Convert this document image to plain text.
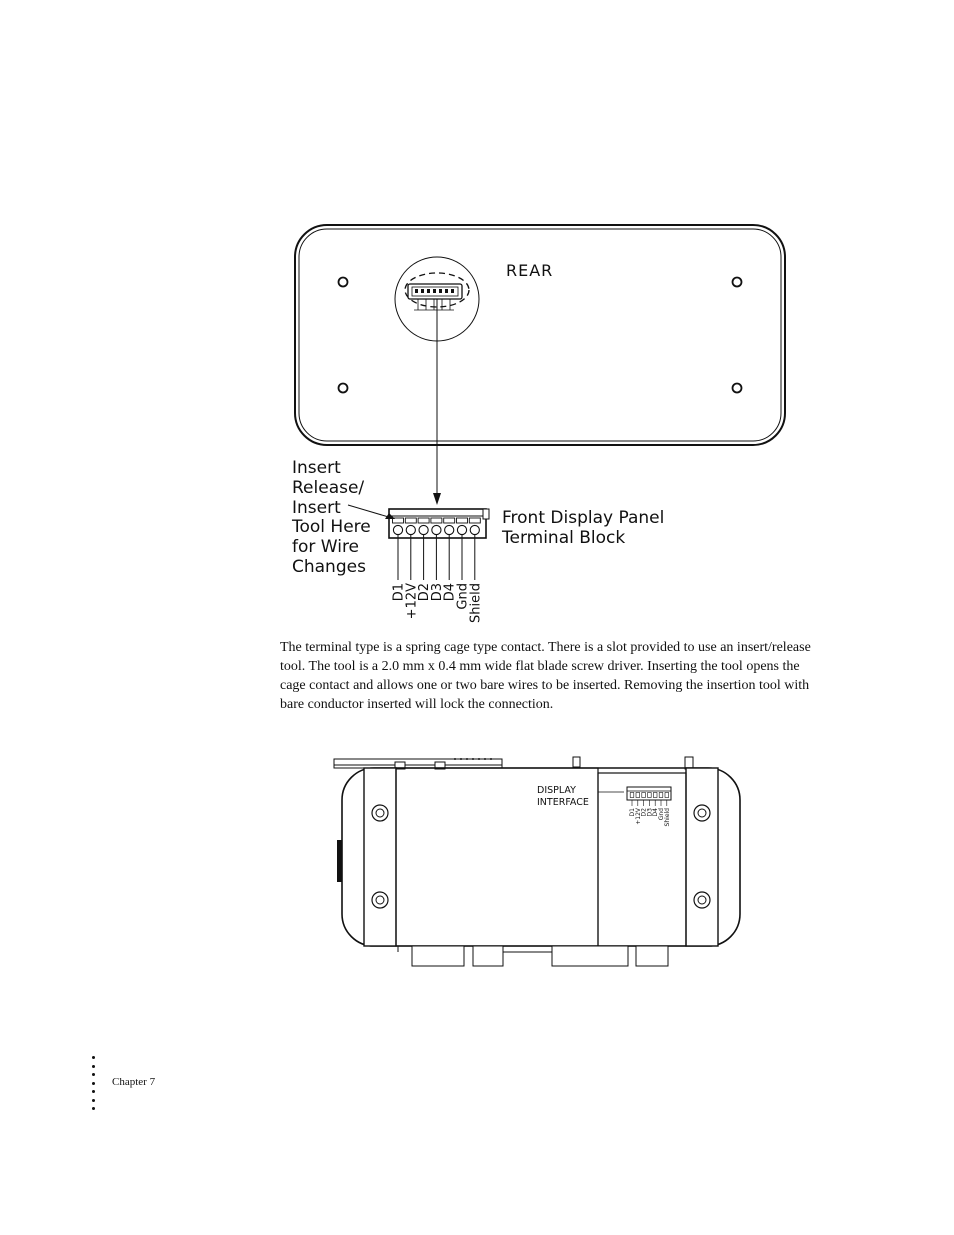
REAR
Insert Release/ Insert Tool Here for Wire Changes
Front Display Panel Terminal Block
D1
+12V
D2
D3
D4
Gnd
Shield

The terminal type is a spring cage type contact. There is a slot provided to use an insert/release tool. The tool is a 2.0 mm x 0.4 mm wide flat blade screw driver. Inserting the tool opens the cage contact and allows one or two bare wires to be inserted. Removing the insertion tool with bare conductor inserted will lock the connection.

DISPLAY INTERFACE
D1
+12V
D2
D3
D4
Gnd
Shield
Chapter 7
